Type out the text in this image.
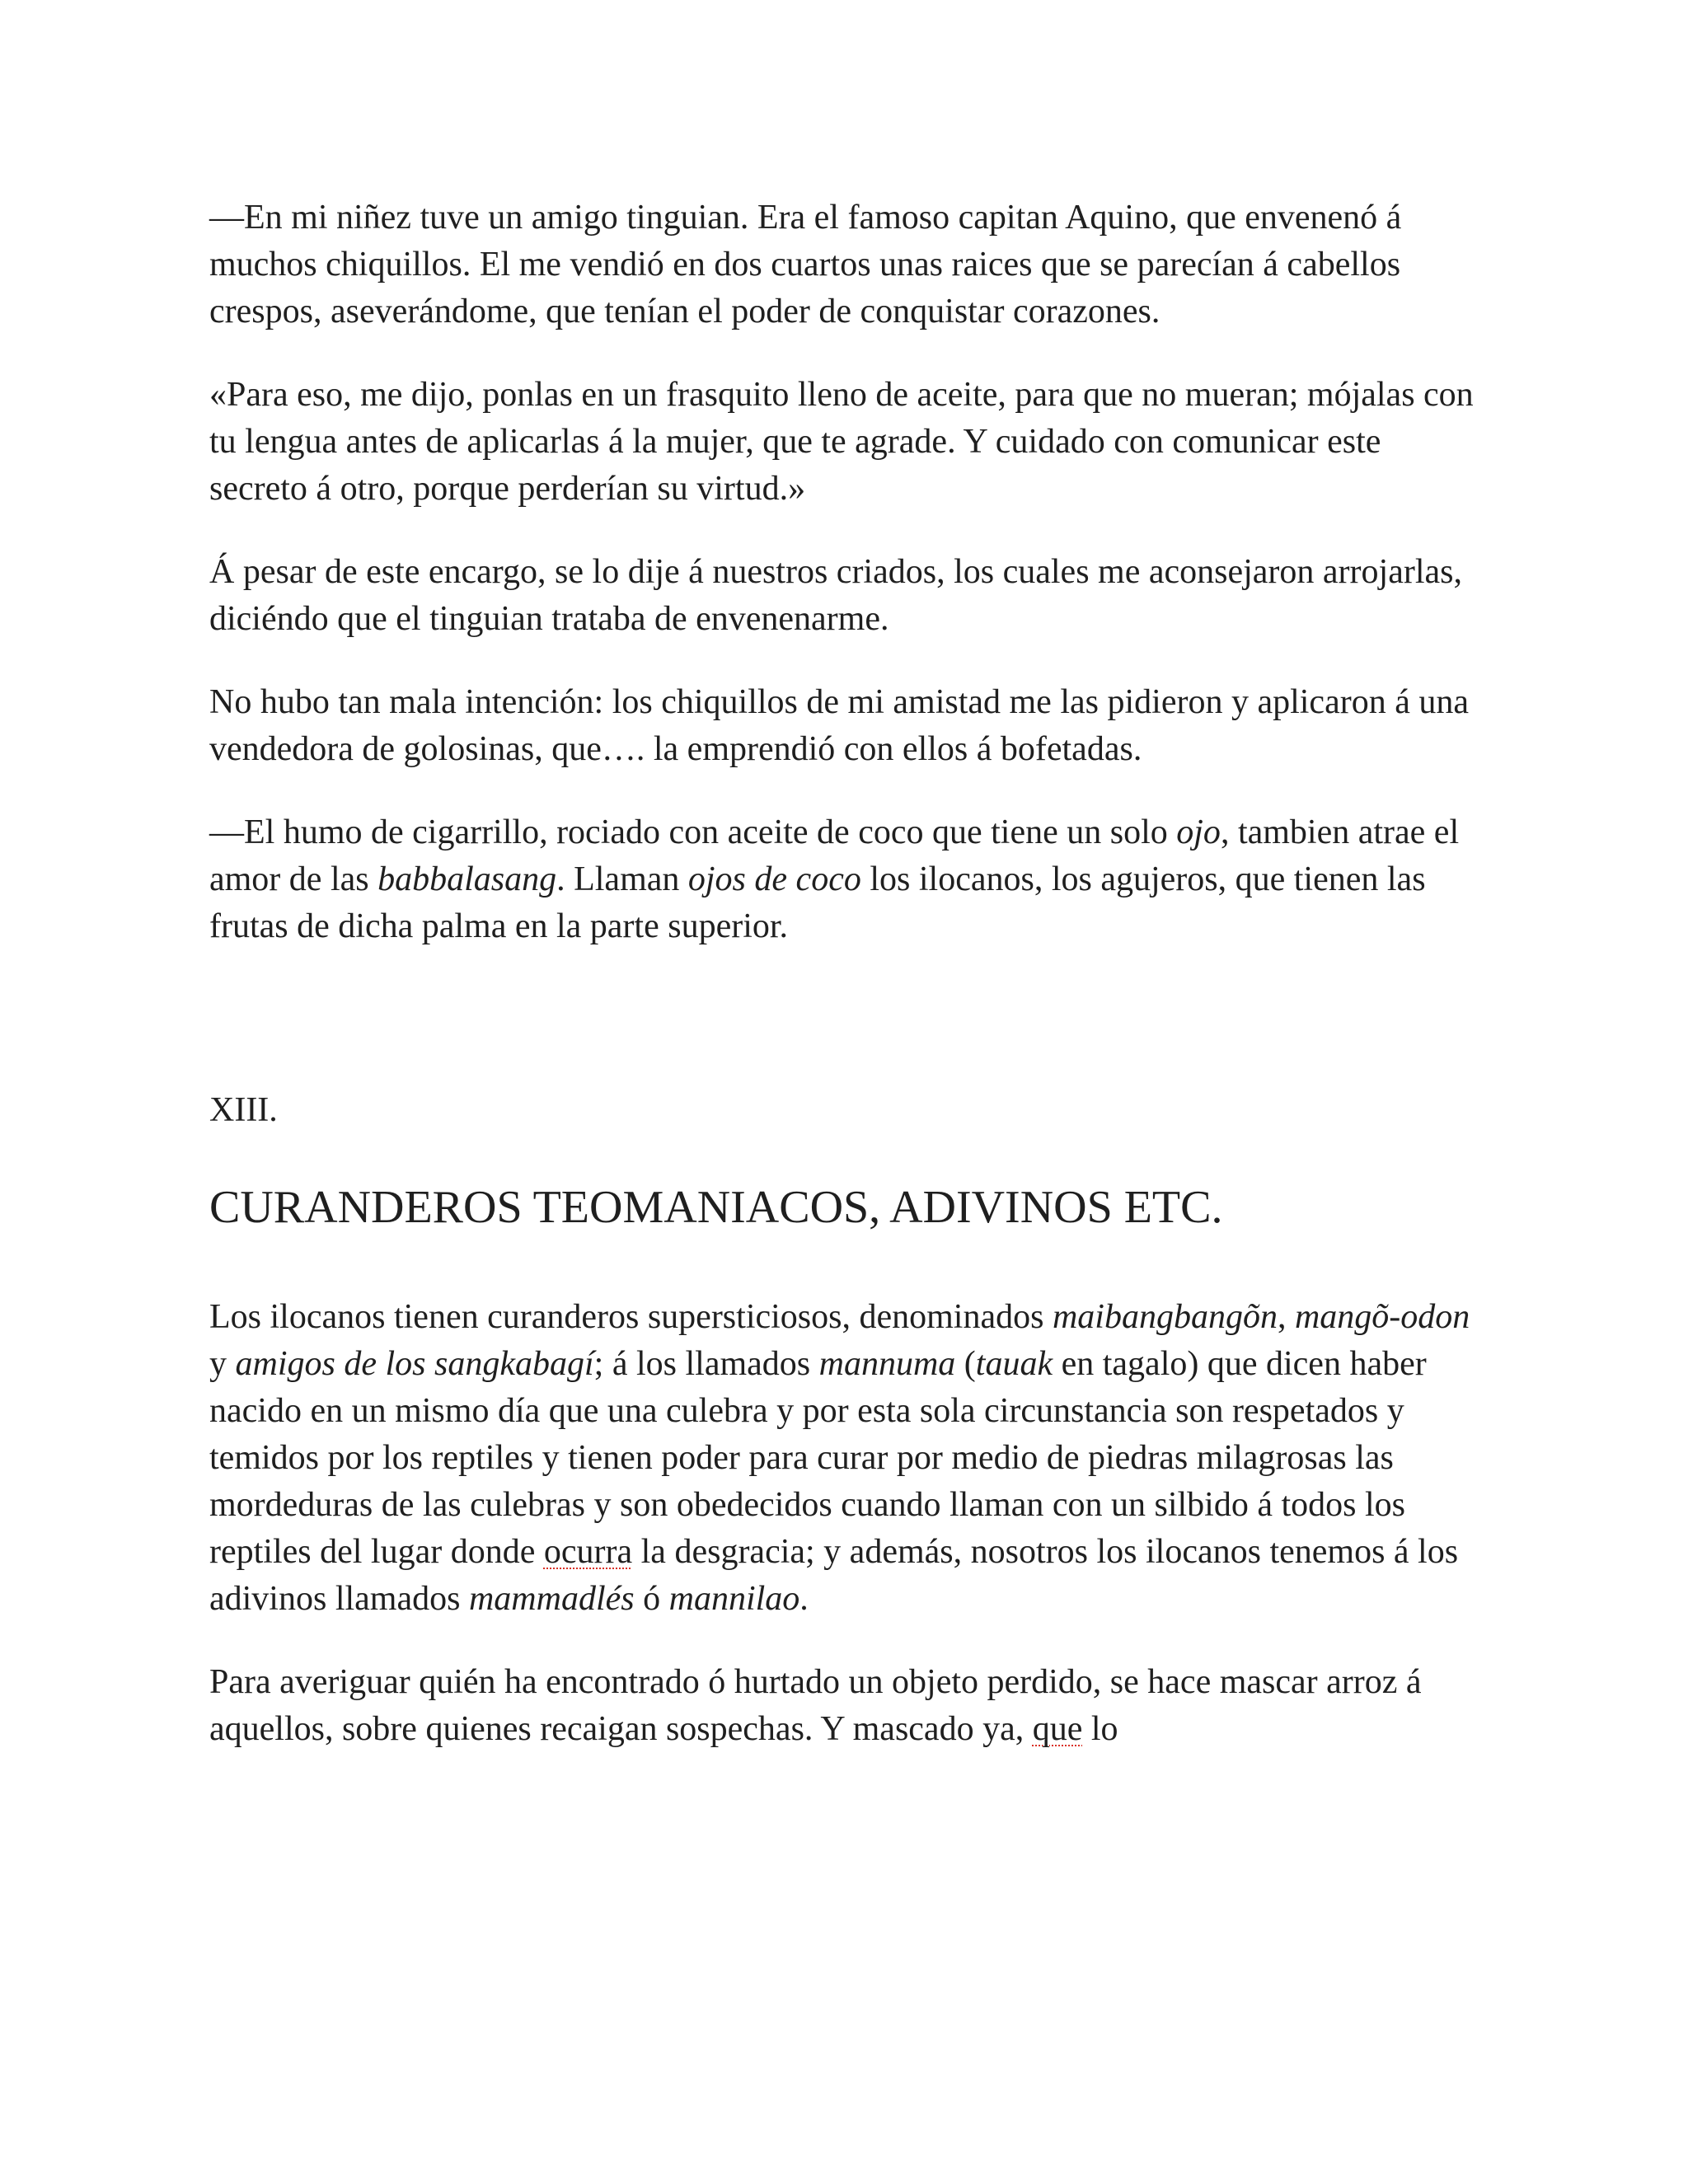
—En mi niñez tuve un amigo tinguian. Era el famoso capitan Aquino, que envenenó á muchos chiquillos. El me vendió en dos cuartos unas raices que se parecían á cabellos crespos, aseverándome, que tenían el poder de conquistar corazones.

«Para eso, me dijo, ponlas en un frasquito lleno de aceite, para que no mueran; mójalas con tu lengua antes de aplicarlas á la mujer, que te agrade. Y cuidado con comunicar este secreto á otro, porque perderían su virtud.»

Á pesar de este encargo, se lo dije á nuestros criados, los cuales me aconsejaron arrojarlas, diciéndo que el tinguian trataba de envenenarme.

No hubo tan mala intención: los chiquillos de mi amistad me las pidieron y aplicaron á una vendedora de golosinas, que…. la emprendió con ellos á bofetadas.

—El humo de cigarrillo, rociado con aceite de coco que tiene un solo ojo, tambien atrae el amor de las babbalasang. Llaman ojos de coco los ilocanos, los agujeros, que tienen las frutas de dicha palma en la parte superior.

XIII.

CURANDEROS TEOMANIACOS, ADIVINOS ETC.

Los ilocanos tienen curanderos supersticiosos, denominados maibangbangõn, mangõ-odon y amigos de los sangkabagí; á los llamados mannuma (tauak en tagalo) que dicen haber nacido en un mismo día que una culebra y por esta sola circunstancia son respetados y temidos por los reptiles y tienen poder para curar por medio de piedras milagrosas las mordeduras de las culebras y son obedecidos cuando llaman con un silbido á todos los reptiles del lugar donde ocurra la desgracia; y además, nosotros los ilocanos tenemos á los adivinos llamados mammadlés ó mannilao.

Para averiguar quién ha encontrado ó hurtado un objeto perdido, se hace mascar arroz á aquellos, sobre quienes recaigan sospechas. Y mascado ya, que lo
